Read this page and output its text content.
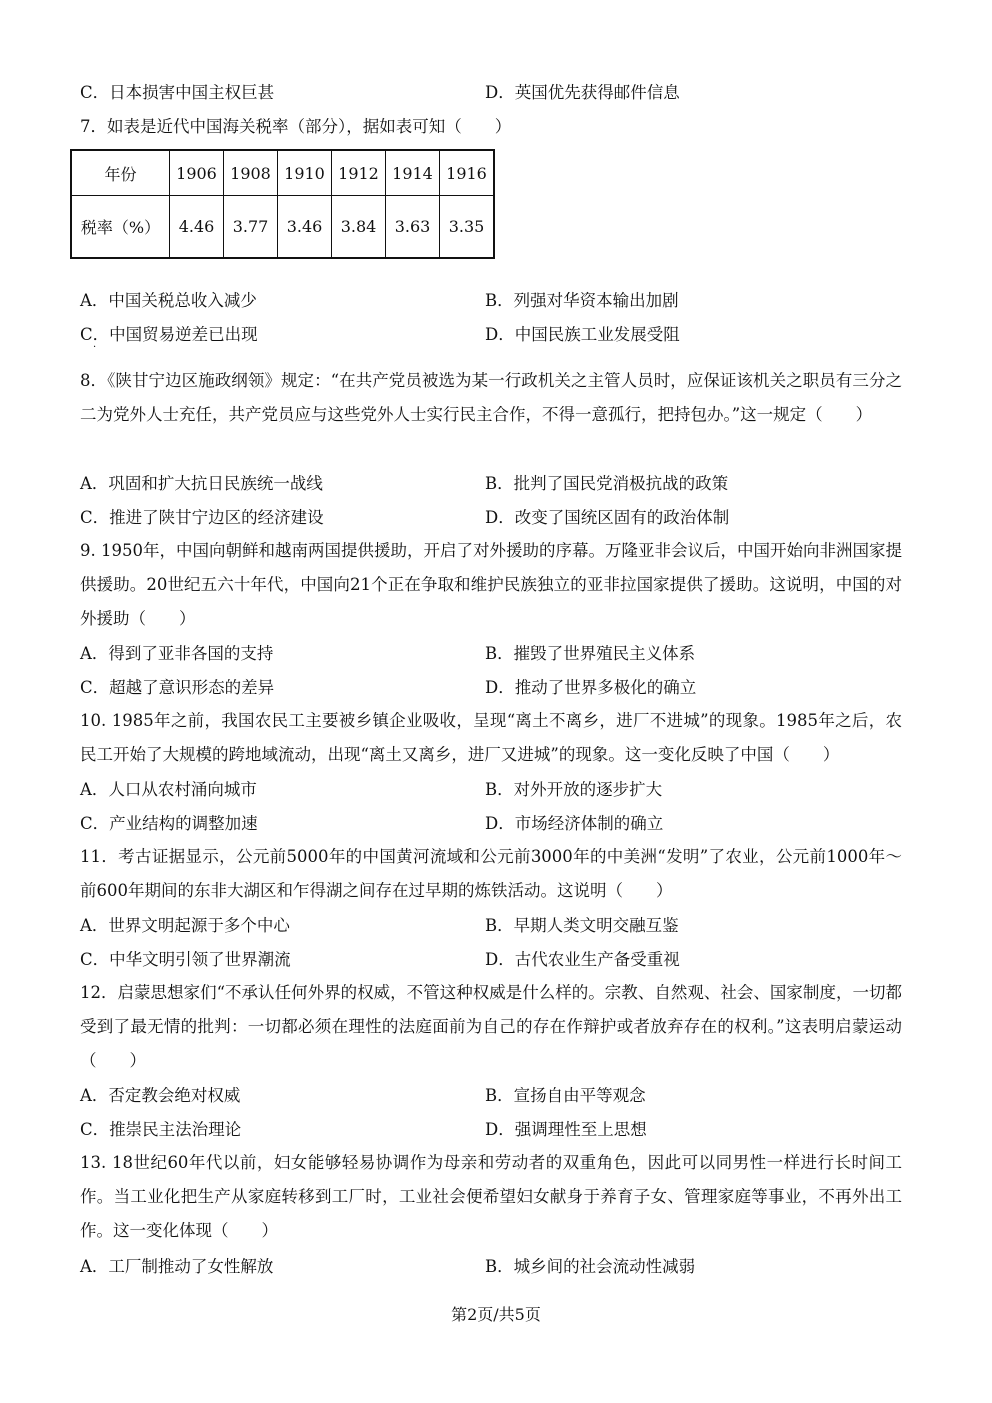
C．日本损害中国主权巨甚	D．英国优先获得邮件信息
7．如表是近代中国海关税率（部分），据如表可知（　　）
年份	1906	1908	1910	1912	1914	1916
税率（%）	4.46	3.77	3.46	3.84	3.63	3.35
A．中国关税总收入减少	B．列强对华资本输出加剧
C．中国贸易逆差已出现	D．中国民族工业发展受阻
·
8．《陕甘宁边区施政纲领》规定：“在共产党员被选为某一行政机关之主管人员时，应保证该机关之职员有三分之二为党外人士充任，共产党员应与这些党外人士实行民主合作，不得一意孤行，把持包办。”这一规定（　　）
A．巩固和扩大抗日民族统一战线	B．批判了国民党消极抗战的政策
C．推进了陕甘宁边区的经济建设	D．改变了国统区固有的政治体制
9. 1950年，中国向朝鲜和越南两国提供援助，开启了对外援助的序幕。万隆亚非会议后，中国开始向非洲国家提供援助。20世纪五六十年代，中国向21个正在争取和维护民族独立的亚非拉国家提供了援助。这说明，中国的对外援助（　　）
A．得到了亚非各国的支持	B．摧毁了世界殖民主义体系
C．超越了意识形态的差异	D．推动了世界多极化的确立
10. 1985年之前，我国农民工主要被乡镇企业吸收，呈现“离土不离乡，进厂不进城”的现象。1985年之后，农民工开始了大规模的跨地域流动，出现“离土又离乡，进厂又进城”的现象。这一变化反映了中国（　　）
A．人口从农村涌向城市	B．对外开放的逐步扩大
C．产业结构的调整加速	D．市场经济体制的确立
11．考古证据显示，公元前5000年的中国黄河流域和公元前3000年的中美洲“发明”了农业，公元前1000年～前600年期间的东非大湖区和乍得湖之间存在过早期的炼铁活动。这说明（　　）
A．世界文明起源于多个中心	B．早期人类文明交融互鉴
C．中华文明引领了世界潮流	D．古代农业生产备受重视
12．启蒙思想家们“不承认任何外界的权威，不管这种权威是什么样的。宗教、自然观、社会、国家制度，一切都受到了最无情的批判：一切都必须在理性的法庭面前为自己的存在作辩护或者放弃存在的权利。”这表明启蒙运动（　　）
A．否定教会绝对权威	B．宣扬自由平等观念
C．推崇民主法治理论	D．强调理性至上思想
13. 18世纪60年代以前，妇女能够轻易协调作为母亲和劳动者的双重角色，因此可以同男性一样进行长时间工作。当工业化把生产从家庭转移到工厂时，工业社会便希望妇女献身于养育子女、管理家庭等事业，不再外出工作。这一变化体现（　　）
A．工厂制推动了女性解放	B．城乡间的社会流动性减弱
第2页/共5页
